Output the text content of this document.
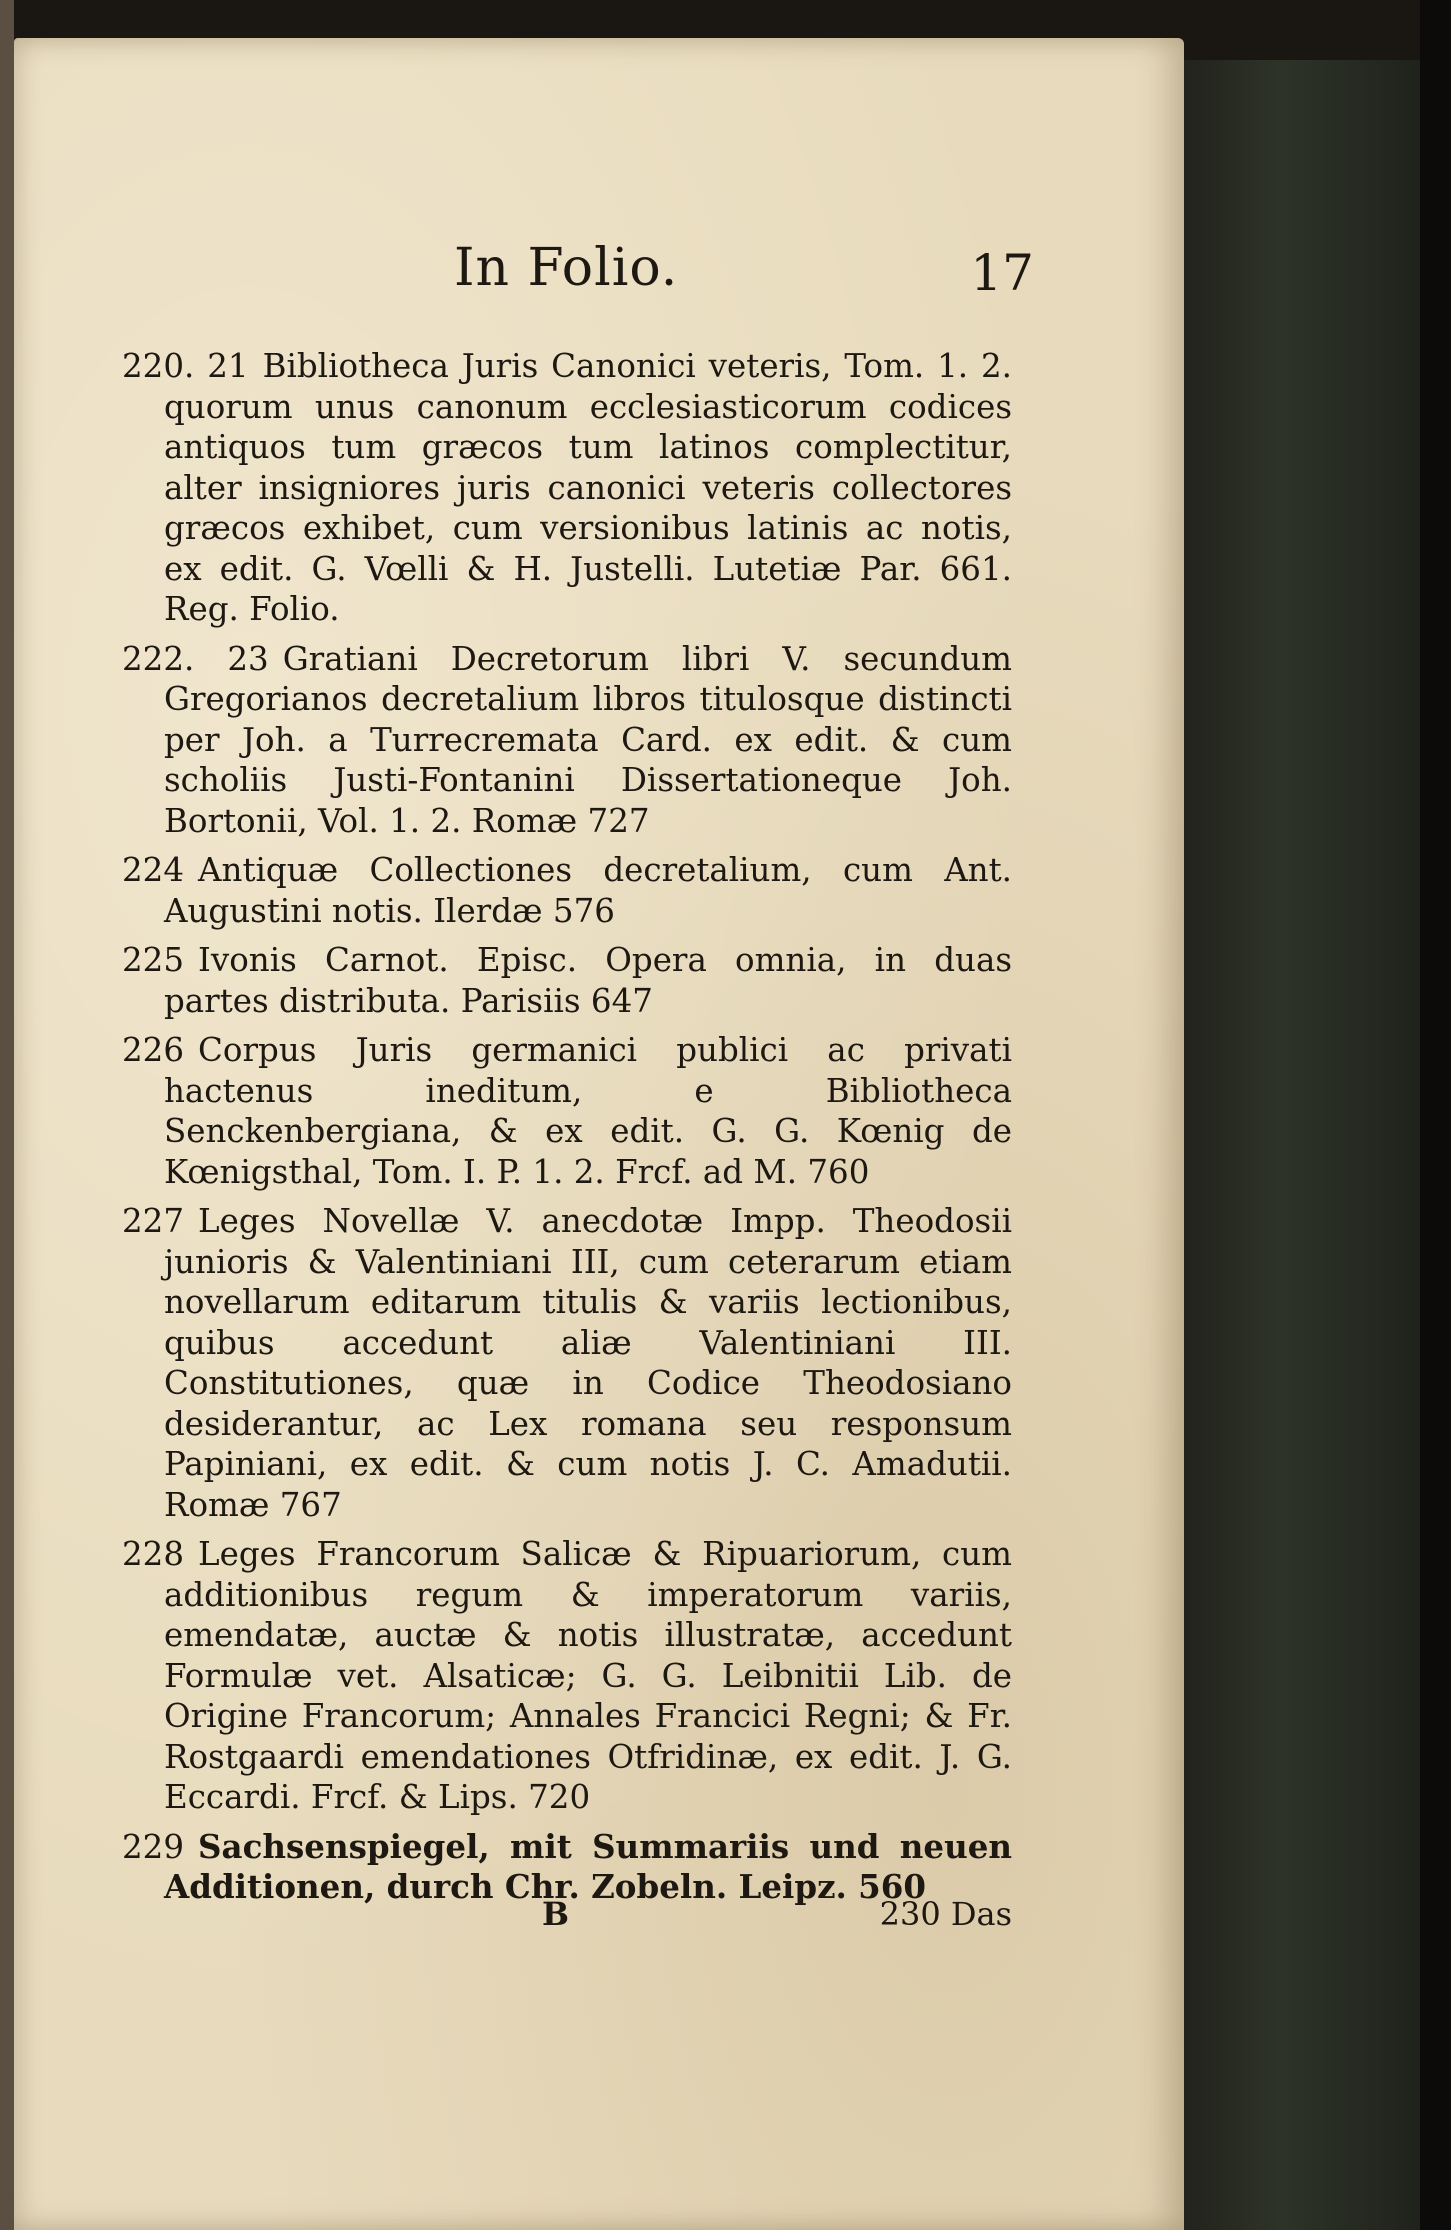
In Folio.	17

220. 21 Bibliotheca Juris Canonici veteris, Tom. 1. 2. quorum unus canonum ecclesiasticorum codices antiquos tum græcos tum latinos complectitur, alter insigniores juris canonici veteris collectores græcos exhibet, cum versionibus latinis ac notis, ex edit. G. Vœlli & H. Justelli. Lutetiæ Par. 661. Reg. Folio.

222. 23 Gratiani Decretorum libri V. secundum Gregorianos decretalium libros titulosque distincti per Joh. a Turrecremata Card. ex edit. & cum scholiis Justi-Fontanini Dissertationeque Joh. Bortonii, Vol. 1. 2. Romæ 727

224 Antiquæ Collectiones decretalium, cum Ant. Augustini notis. Ilerdæ 576

225 Ivonis Carnot. Episc. Opera omnia, in duas partes distributa. Parisiis 647

226 Corpus Juris germanici publici ac privati hactenus ineditum, e Bibliotheca Senckenbergiana, & ex edit. G. G. Kœnig de Kœnigsthal, Tom. I. P. 1. 2. Frcf. ad M. 760

227 Leges Novellæ V. anecdotæ Impp. Theodosii junioris & Valentiniani III, cum ceterarum etiam novellarum editarum titulis & variis lectionibus, quibus accedunt aliæ Valentiniani III. Constitutiones, quæ in Codice Theodosiano desiderantur, ac Lex romana seu responsum Papiniani, ex edit. & cum notis J. C. Amadutii. Romæ 767

228 Leges Francorum Salicæ & Ripuariorum, cum additionibus regum & imperatorum variis, emendatæ, auctæ & notis illustratæ, accedunt Formulæ vet. Alsaticæ; G. G. Leibnitii Lib. de Origine Francorum; Annales Francici Regni; & Fr. Rostgaardi emendationes Otfridinæ, ex edit. J. G. Eccardi. Frcf. & Lips. 720

229 Sachsenspiegel, mit Summariis und neuen Additionen, durch Chr. Zobeln. Leipz. 560

B	230 Das
